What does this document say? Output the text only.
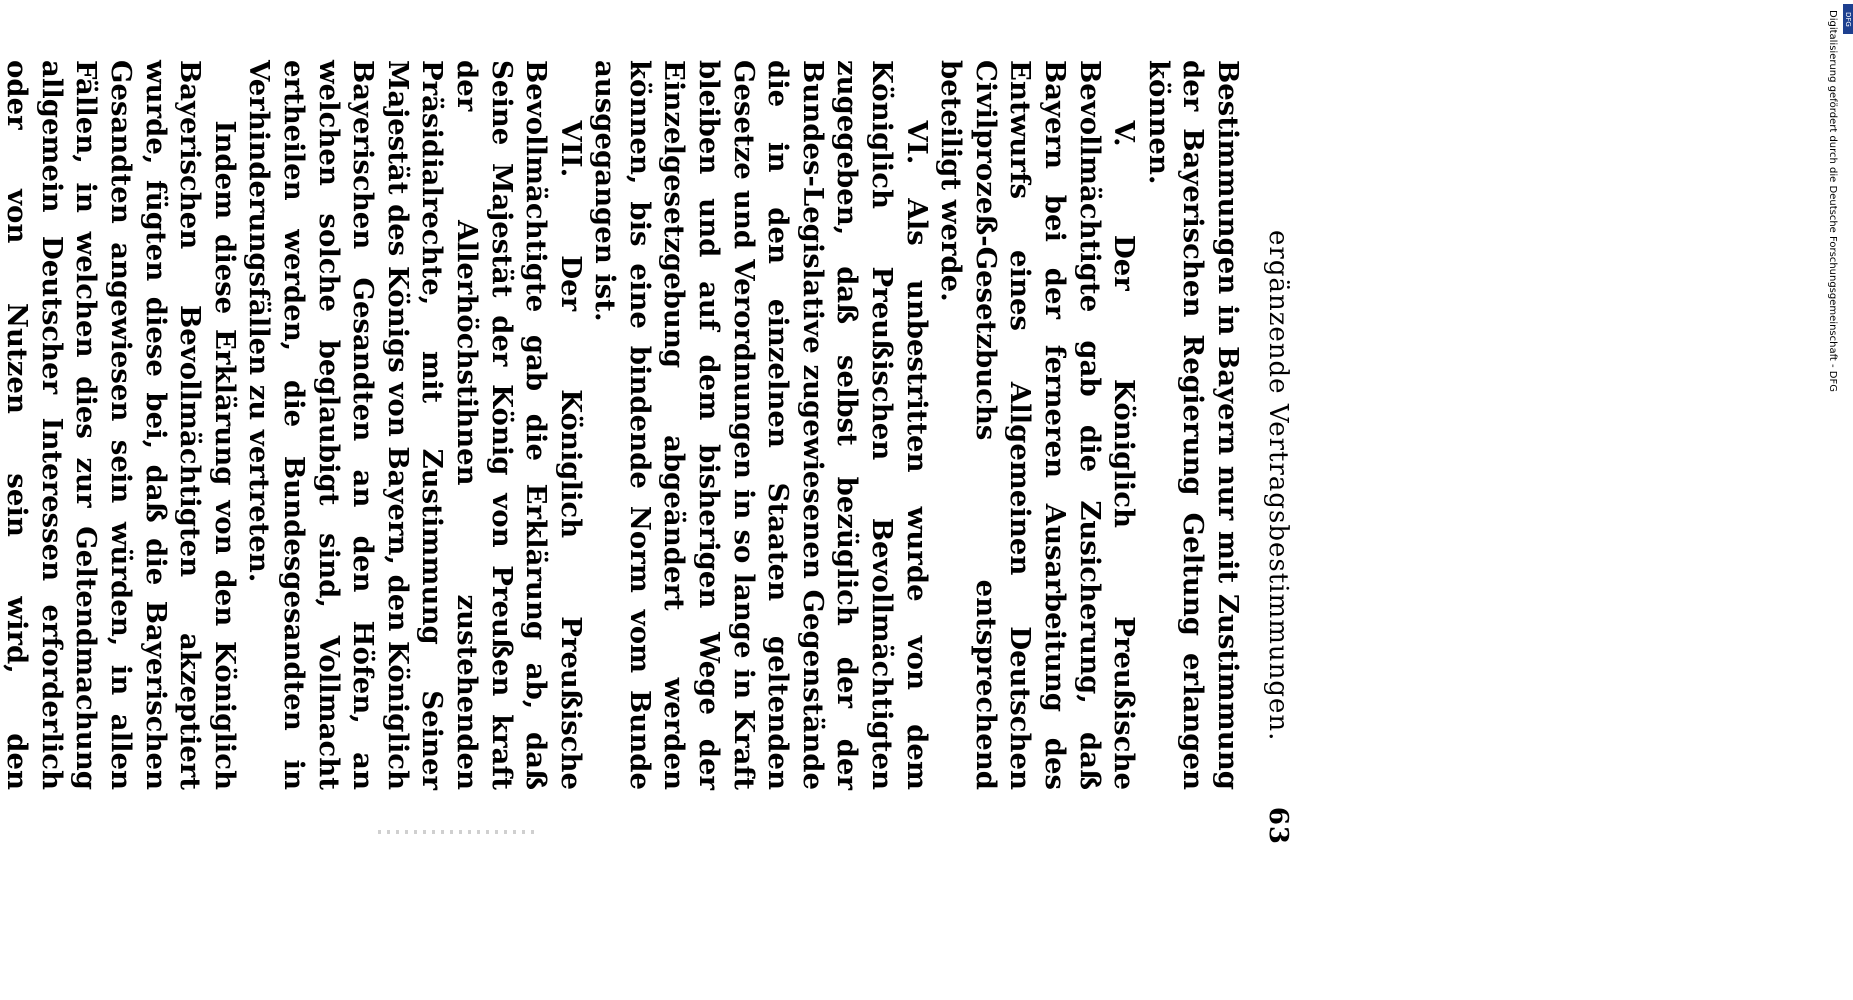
ergänzende Vertragsbestimmungen.
63

Bestimmungen in Bayern nur mit Zustimmung der Bayerischen Regierung Geltung erlangen können.

V. Der Königlich Preußische Bevollmächtigte gab die Zusicherung, daß Bayern bei der ferneren Ausarbeitung des Entwurfs eines Allgemeinen Deutschen Civilprozeß-Gesetzbuchs entsprechend beteiligt werde.

VI. Als unbestritten wurde von dem Königlich Preußischen Bevollmächtigten zugegeben, daß selbst bezüglich der der Bundes-Legislative zugewiesenen Gegenstände die in den einzelnen Staaten geltenden Gesetze und Verordnungen in so lange in Kraft bleiben und auf dem bisherigen Wege der Einzelgesetzgebung abgeändert werden können, bis eine bindende Norm vom Bunde ausgegangen ist.

VII. Der Königlich Preußische Bevollmächtigte gab die Erklärung ab, daß Seine Majestät der König von Preußen kraft der Allerhöchstihnen zustehenden Präsidialrechte, mit Zustimmung Seiner Majestät des Königs von Bayern, den Königlich Bayerischen Gesandten an den Höfen, an welchen solche beglaubigt sind, Vollmacht ertheilen werden, die Bundesgesandten in Verhinderungsfällen zu vertreten.

Indem diese Erklärung von den Königlich Bayerischen Bevollmächtigten akzeptiert wurde, fügten diese bei, daß die Bayerischen Gesandten angewiesen sein würden, in allen Fällen, in welchen dies zur Geltendmachung allgemein Deutscher Interessen erforderlich oder von Nutzen sein wird, den

DFG
Digitalisierung gefördert durch die Deutsche Forschungsgemeinschaft - DFG
